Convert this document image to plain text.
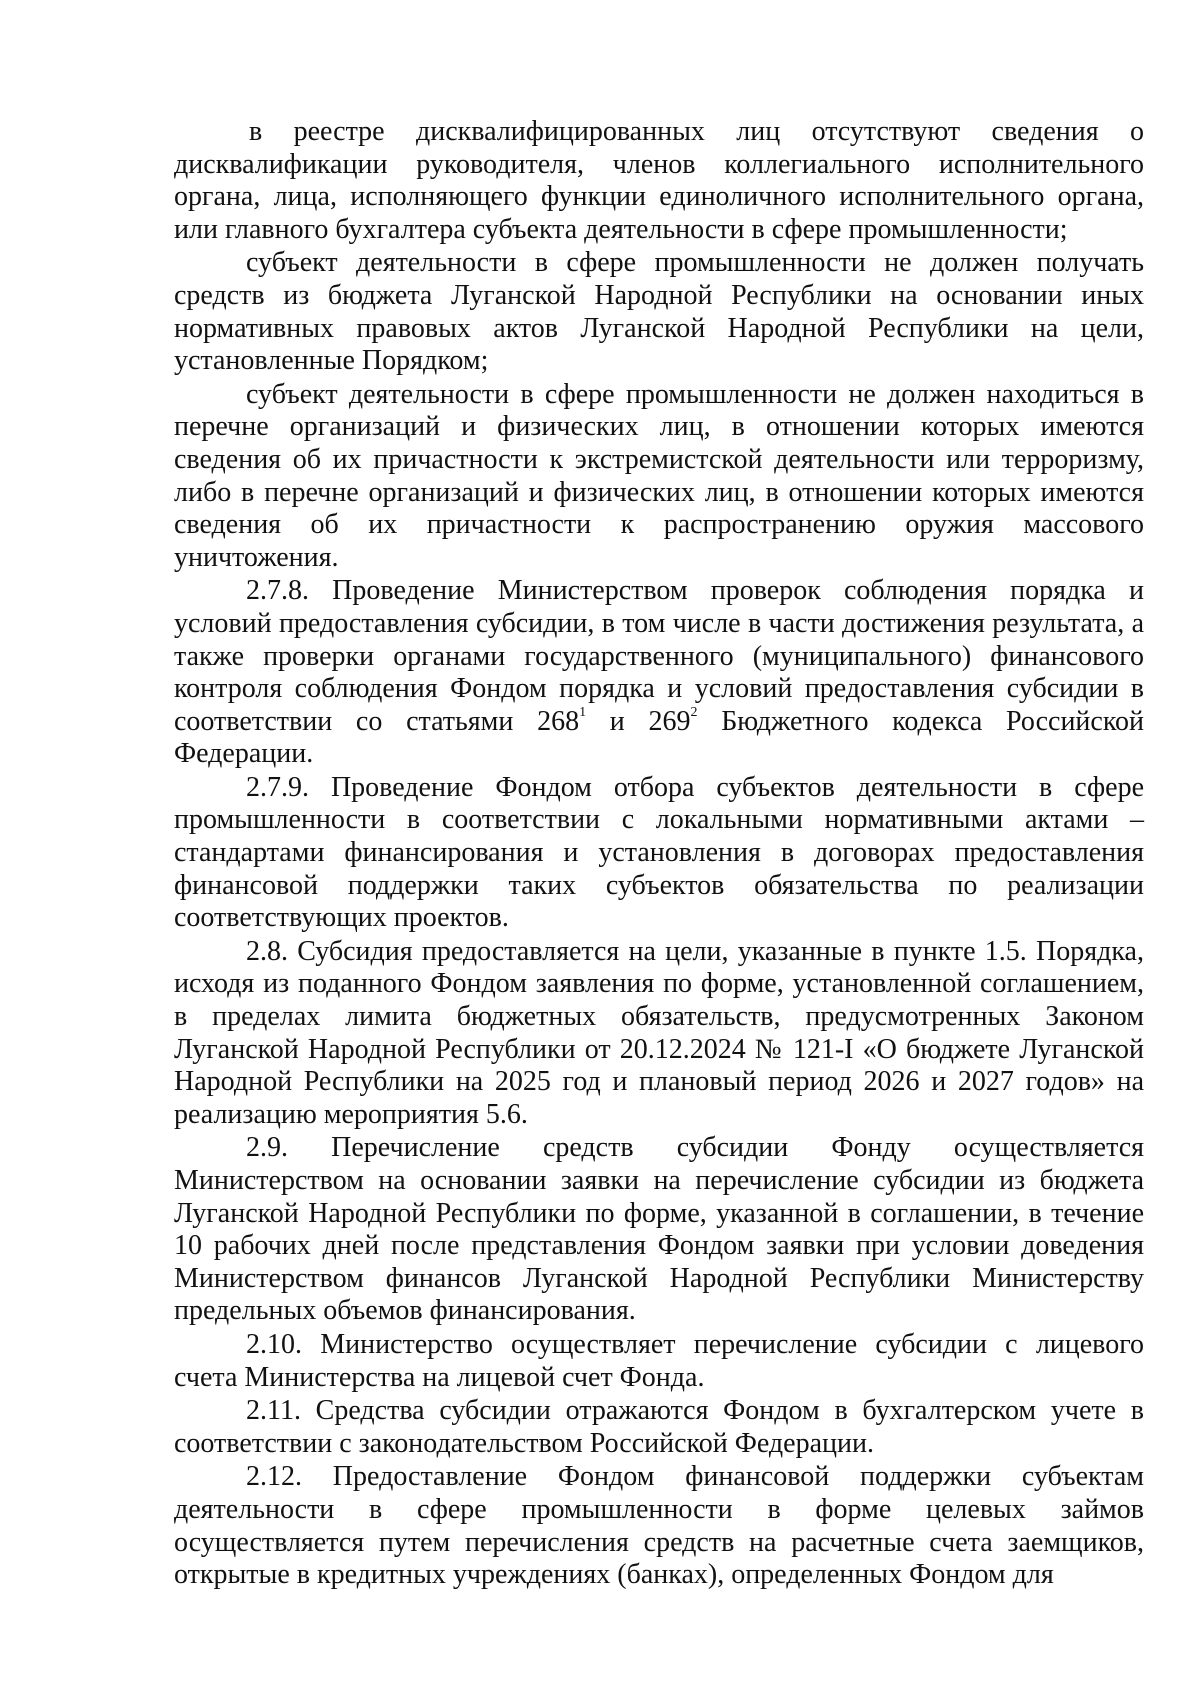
в реестре дисквалифицированных лиц отсутствуют сведения о дисквалификации руководителя, членов коллегиального исполнительного органа, лица, исполняющего функции единоличного исполнительного органа, или главного бухгалтера субъекта деятельности в сфере промышленности;

субъект деятельности в сфере промышленности не должен получать средств из бюджета Луганской Народной Республики на основании иных нормативных правовых актов Луганской Народной Республики на цели, установленные Порядком;

субъект деятельности в сфере промышленности не должен находиться в перечне организаций и физических лиц, в отношении которых имеются сведения об их причастности к экстремистской деятельности или терроризму, либо в перечне организаций и физических лиц, в отношении которых имеются сведения об их причастности к распространению оружия массового уничтожения.

2.7.8. Проведение Министерством проверок соблюдения порядка и условий предоставления субсидии, в том числе в части достижения результата, а также проверки органами государственного (муниципального) финансового контроля соблюдения Фондом порядка и условий предоставления субсидии в соответствии со статьями $268^1$ и $269^2$ Бюджетного кодекса Российской Федерации.

2.7.9. Проведение Фондом отбора субъектов деятельности в сфере промышленности в соответствии с локальными нормативными актами – стандартами финансирования и установления в договорах предоставления финансовой поддержки таких субъектов обязательства по реализации соответствующих проектов.

2.8. Субсидия предоставляется на цели, указанные в пункте 1.5. Порядка, исходя из поданного Фондом заявления по форме, установленной соглашением, в пределах лимита бюджетных обязательств, предусмотренных Законом Луганской Народной Республики от 20.12.2024 № 121-I «О бюджете Луганской Народной Республики на 2025 год и плановый период 2026 и 2027 годов» на реализацию мероприятия 5.6.

2.9. Перечисление средств субсидии Фонду осуществляется Министерством на основании заявки на перечисление субсидии из бюджета Луганской Народной Республики по форме, указанной в соглашении, в течение 10 рабочих дней после представления Фондом заявки при условии доведения Министерством финансов Луганской Народной Республики Министерству предельных объемов финансирования.

2.10. Министерство осуществляет перечисление субсидии с лицевого счета Министерства на лицевой счет Фонда.

2.11. Средства субсидии отражаются Фондом в бухгалтерском учете в соответствии с законодательством Российской Федерации.

2.12. Предоставление Фондом финансовой поддержки субъектам деятельности в сфере промышленности в форме целевых займов осуществляется путем перечисления средств на расчетные счета заемщиков, открытые в кредитных учреждениях (банках), определенных Фондом для
